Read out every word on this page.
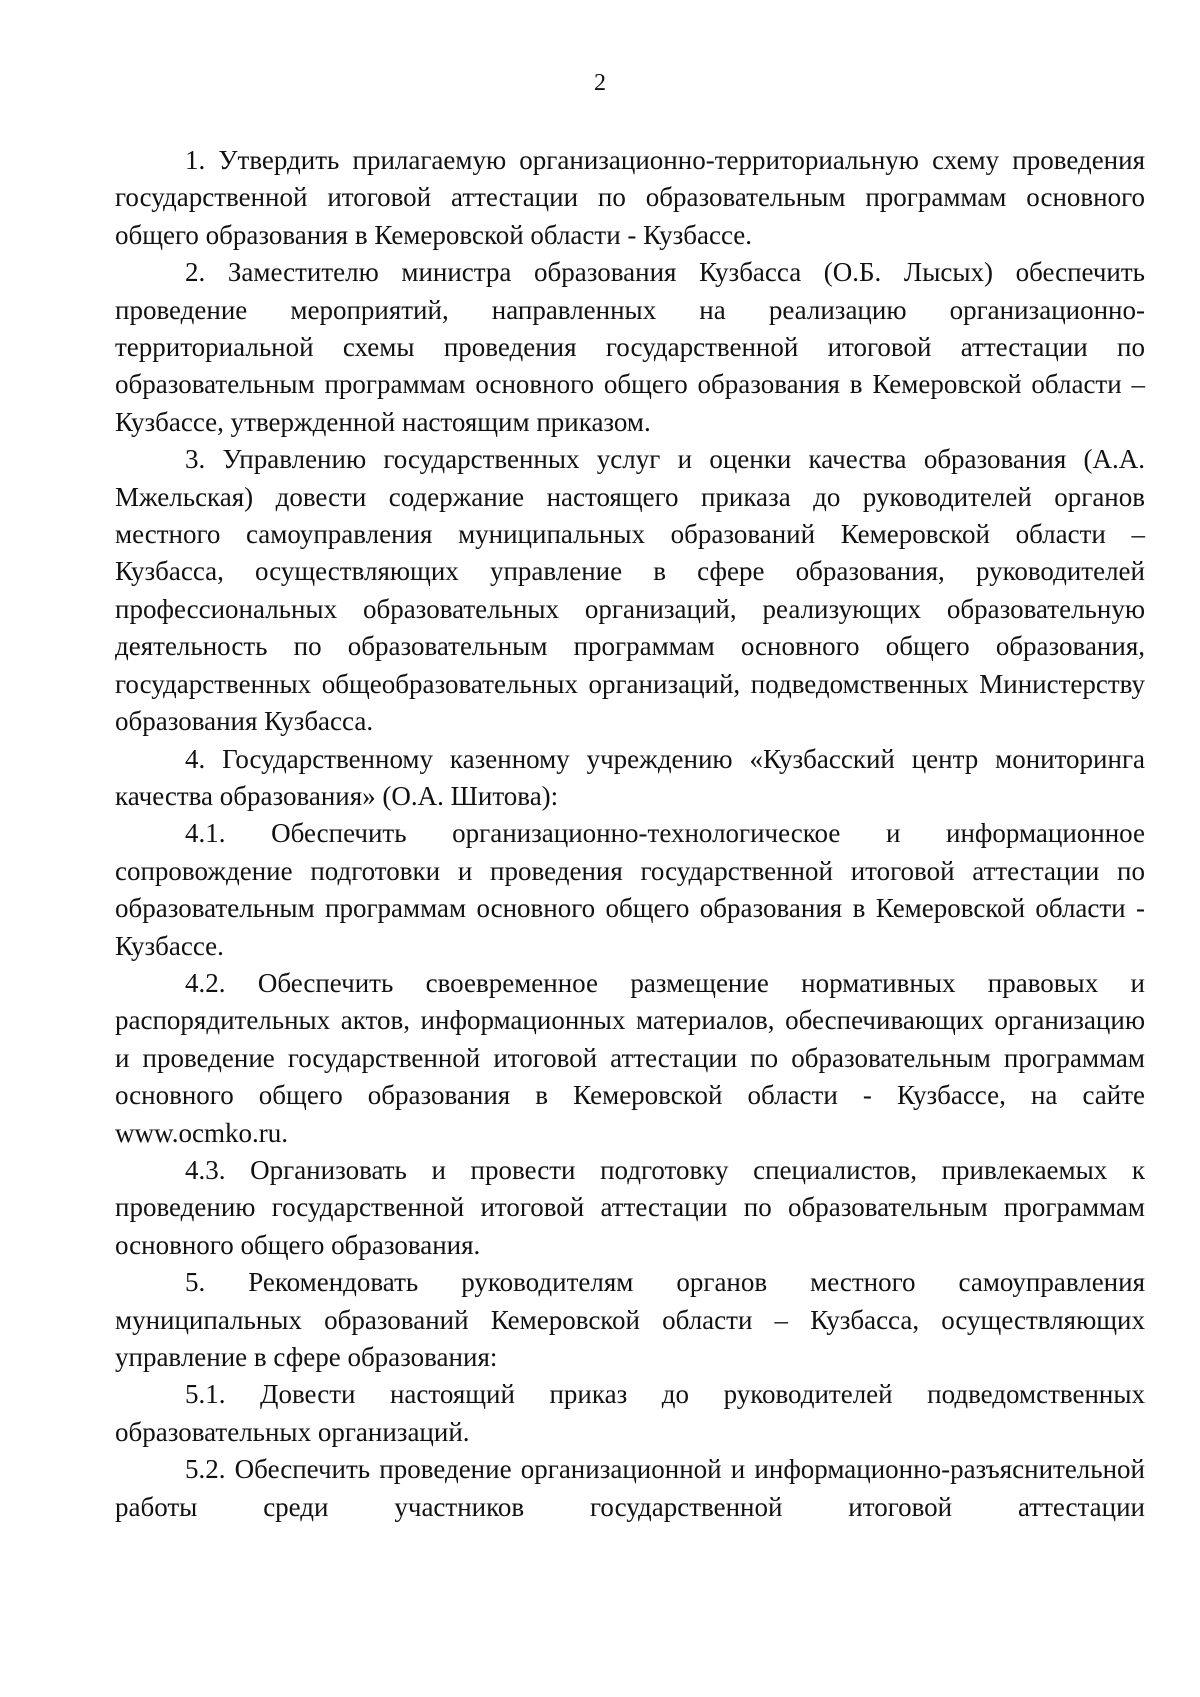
2

1. Утвердить прилагаемую организационно-территориальную схему проведения государственной итоговой аттестации по образовательным программам основного общего образования в Кемеровской области - Кузбассе.

2. Заместителю министра образования Кузбасса (О.Б. Лысых) обеспечить проведение мероприятий, направленных на реализацию организационно-территориальной схемы проведения государственной итоговой аттестации по образовательным программам основного общего образования в Кемеровской области – Кузбассе, утвержденной настоящим приказом.

3. Управлению государственных услуг и оценки качества образования (А.А. Мжельская) довести содержание настоящего приказа до руководителей органов местного самоуправления муниципальных образований Кемеровской области – Кузбасса, осуществляющих управление в сфере образования, руководителей профессиональных образовательных организаций, реализующих образовательную деятельность по образовательным программам основного общего образования, государственных общеобразовательных организаций, подведомственных Министерству образования Кузбасса.

4. Государственному казенному учреждению «Кузбасский центр мониторинга качества образования» (О.А. Шитова):

4.1. Обеспечить организационно-технологическое и информационное сопровождение подготовки и проведения государственной итоговой аттестации по образовательным программам основного общего образования в Кемеровской области - Кузбассе.

4.2. Обеспечить своевременное размещение нормативных правовых и распорядительных актов, информационных материалов, обеспечивающих организацию и проведение государственной итоговой аттестации по образовательным программам основного общего образования в Кемеровской области - Кузбассе, на сайте www.ocmko.ru.

4.3. Организовать и провести подготовку специалистов, привлекаемых к проведению государственной итоговой аттестации по образовательным программам основного общего образования.

5. Рекомендовать руководителям органов местного самоуправления муниципальных образований Кемеровской области – Кузбасса, осуществляющих управление в сфере образования:

5.1. Довести настоящий приказ до руководителей подведомственных образовательных организаций.

5.2. Обеспечить проведение организационной и информационно-разъяснительной работы среди участников государственной итоговой аттестации
